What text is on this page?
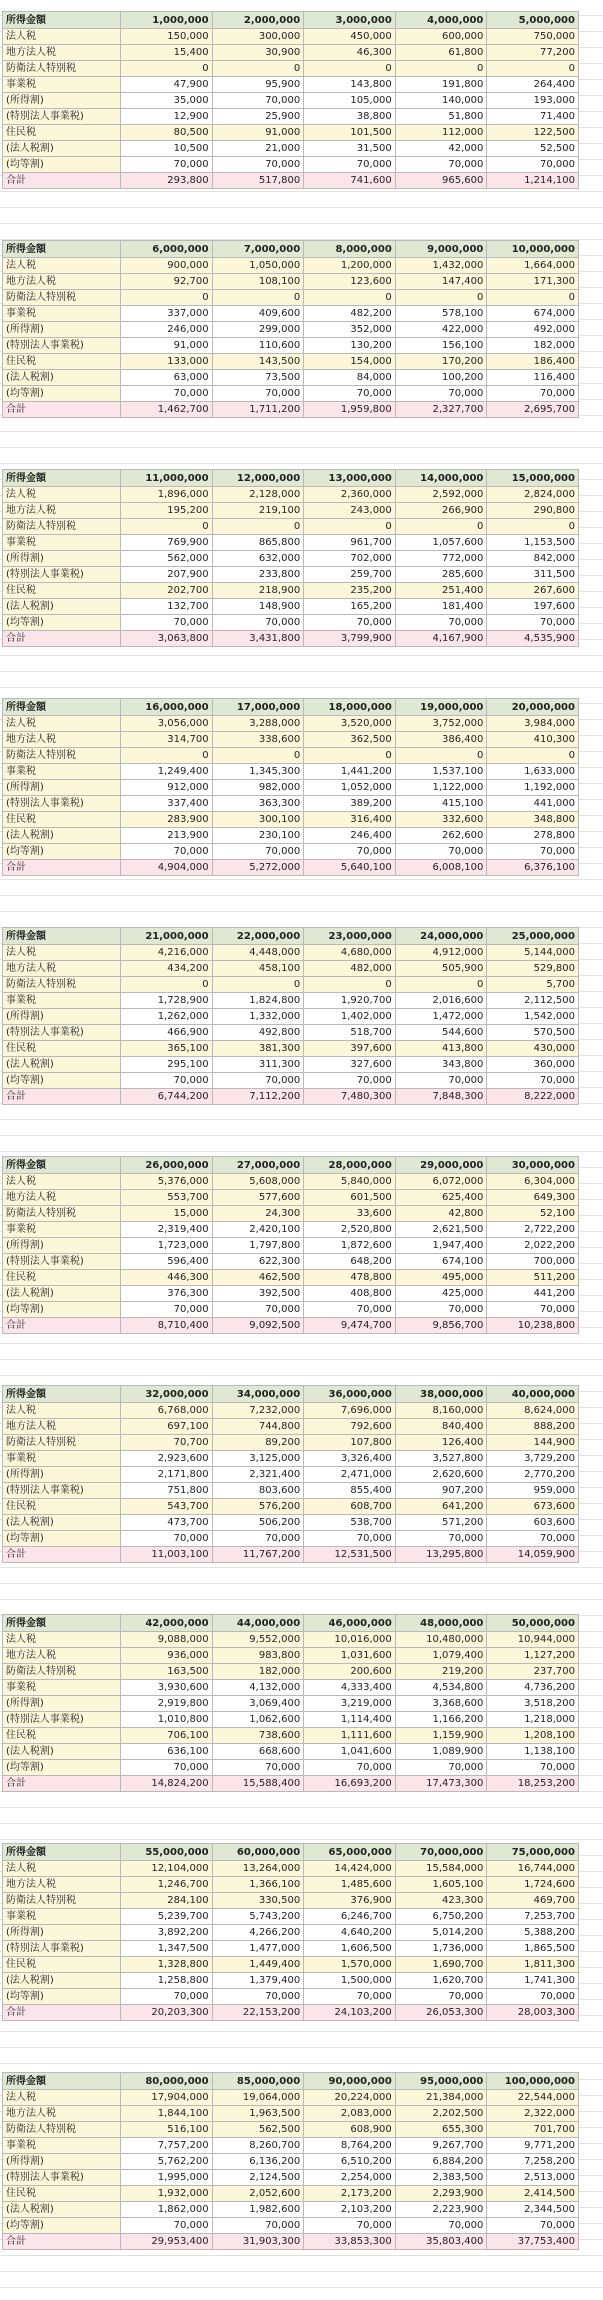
所得金額	1,000,000	2,000,000	3,000,000	4,000,000	5,000,000
法人税	150,000	300,000	450,000	600,000	750,000
地方法人税	15,400	30,900	46,300	61,800	77,200
防衛法人特別税	0	0	0	0	0
事業税	47,900	95,900	143,800	191,800	264,400
(所得割)	35,000	70,000	105,000	140,000	193,000
(特別法人事業税)	12,900	25,900	38,800	51,800	71,400
住民税	80,500	91,000	101,500	112,000	122,500
(法人税割)	10,500	21,000	31,500	42,000	52,500
(均等割)	70,000	70,000	70,000	70,000	70,000
合計	293,800	517,800	741,600	965,600	1,214,100
所得金額	6,000,000	7,000,000	8,000,000	9,000,000	10,000,000
法人税	900,000	1,050,000	1,200,000	1,432,000	1,664,000
地方法人税	92,700	108,100	123,600	147,400	171,300
防衛法人特別税	0	0	0	0	0
事業税	337,000	409,600	482,200	578,100	674,000
(所得割)	246,000	299,000	352,000	422,000	492,000
(特別法人事業税)	91,000	110,600	130,200	156,100	182,000
住民税	133,000	143,500	154,000	170,200	186,400
(法人税割)	63,000	73,500	84,000	100,200	116,400
(均等割)	70,000	70,000	70,000	70,000	70,000
合計	1,462,700	1,711,200	1,959,800	2,327,700	2,695,700
所得金額	11,000,000	12,000,000	13,000,000	14,000,000	15,000,000
法人税	1,896,000	2,128,000	2,360,000	2,592,000	2,824,000
地方法人税	195,200	219,100	243,000	266,900	290,800
防衛法人特別税	0	0	0	0	0
事業税	769,900	865,800	961,700	1,057,600	1,153,500
(所得割)	562,000	632,000	702,000	772,000	842,000
(特別法人事業税)	207,900	233,800	259,700	285,600	311,500
住民税	202,700	218,900	235,200	251,400	267,600
(法人税割)	132,700	148,900	165,200	181,400	197,600
(均等割)	70,000	70,000	70,000	70,000	70,000
合計	3,063,800	3,431,800	3,799,900	4,167,900	4,535,900
所得金額	16,000,000	17,000,000	18,000,000	19,000,000	20,000,000
法人税	3,056,000	3,288,000	3,520,000	3,752,000	3,984,000
地方法人税	314,700	338,600	362,500	386,400	410,300
防衛法人特別税	0	0	0	0	0
事業税	1,249,400	1,345,300	1,441,200	1,537,100	1,633,000
(所得割)	912,000	982,000	1,052,000	1,122,000	1,192,000
(特別法人事業税)	337,400	363,300	389,200	415,100	441,000
住民税	283,900	300,100	316,400	332,600	348,800
(法人税割)	213,900	230,100	246,400	262,600	278,800
(均等割)	70,000	70,000	70,000	70,000	70,000
合計	4,904,000	5,272,000	5,640,100	6,008,100	6,376,100
所得金額	21,000,000	22,000,000	23,000,000	24,000,000	25,000,000
法人税	4,216,000	4,448,000	4,680,000	4,912,000	5,144,000
地方法人税	434,200	458,100	482,000	505,900	529,800
防衛法人特別税	0	0	0	0	5,700
事業税	1,728,900	1,824,800	1,920,700	2,016,600	2,112,500
(所得割)	1,262,000	1,332,000	1,402,000	1,472,000	1,542,000
(特別法人事業税)	466,900	492,800	518,700	544,600	570,500
住民税	365,100	381,300	397,600	413,800	430,000
(法人税割)	295,100	311,300	327,600	343,800	360,000
(均等割)	70,000	70,000	70,000	70,000	70,000
合計	6,744,200	7,112,200	7,480,300	7,848,300	8,222,000
所得金額	26,000,000	27,000,000	28,000,000	29,000,000	30,000,000
法人税	5,376,000	5,608,000	5,840,000	6,072,000	6,304,000
地方法人税	553,700	577,600	601,500	625,400	649,300
防衛法人特別税	15,000	24,300	33,600	42,800	52,100
事業税	2,319,400	2,420,100	2,520,800	2,621,500	2,722,200
(所得割)	1,723,000	1,797,800	1,872,600	1,947,400	2,022,200
(特別法人事業税)	596,400	622,300	648,200	674,100	700,000
住民税	446,300	462,500	478,800	495,000	511,200
(法人税割)	376,300	392,500	408,800	425,000	441,200
(均等割)	70,000	70,000	70,000	70,000	70,000
合計	8,710,400	9,092,500	9,474,700	9,856,700	10,238,800
所得金額	32,000,000	34,000,000	36,000,000	38,000,000	40,000,000
法人税	6,768,000	7,232,000	7,696,000	8,160,000	8,624,000
地方法人税	697,100	744,800	792,600	840,400	888,200
防衛法人特別税	70,700	89,200	107,800	126,400	144,900
事業税	2,923,600	3,125,000	3,326,400	3,527,800	3,729,200
(所得割)	2,171,800	2,321,400	2,471,000	2,620,600	2,770,200
(特別法人事業税)	751,800	803,600	855,400	907,200	959,000
住民税	543,700	576,200	608,700	641,200	673,600
(法人税割)	473,700	506,200	538,700	571,200	603,600
(均等割)	70,000	70,000	70,000	70,000	70,000
合計	11,003,100	11,767,200	12,531,500	13,295,800	14,059,900
所得金額	42,000,000	44,000,000	46,000,000	48,000,000	50,000,000
法人税	9,088,000	9,552,000	10,016,000	10,480,000	10,944,000
地方法人税	936,000	983,800	1,031,600	1,079,400	1,127,200
防衛法人特別税	163,500	182,000	200,600	219,200	237,700
事業税	3,930,600	4,132,000	4,333,400	4,534,800	4,736,200
(所得割)	2,919,800	3,069,400	3,219,000	3,368,600	3,518,200
(特別法人事業税)	1,010,800	1,062,600	1,114,400	1,166,200	1,218,000
住民税	706,100	738,600	1,111,600	1,159,900	1,208,100
(法人税割)	636,100	668,600	1,041,600	1,089,900	1,138,100
(均等割)	70,000	70,000	70,000	70,000	70,000
合計	14,824,200	15,588,400	16,693,200	17,473,300	18,253,200
所得金額	55,000,000	60,000,000	65,000,000	70,000,000	75,000,000
法人税	12,104,000	13,264,000	14,424,000	15,584,000	16,744,000
地方法人税	1,246,700	1,366,100	1,485,600	1,605,100	1,724,600
防衛法人特別税	284,100	330,500	376,900	423,300	469,700
事業税	5,239,700	5,743,200	6,246,700	6,750,200	7,253,700
(所得割)	3,892,200	4,266,200	4,640,200	5,014,200	5,388,200
(特別法人事業税)	1,347,500	1,477,000	1,606,500	1,736,000	1,865,500
住民税	1,328,800	1,449,400	1,570,000	1,690,700	1,811,300
(法人税割)	1,258,800	1,379,400	1,500,000	1,620,700	1,741,300
(均等割)	70,000	70,000	70,000	70,000	70,000
合計	20,203,300	22,153,200	24,103,200	26,053,300	28,003,300
所得金額	80,000,000	85,000,000	90,000,000	95,000,000	100,000,000
法人税	17,904,000	19,064,000	20,224,000	21,384,000	22,544,000
地方法人税	1,844,100	1,963,500	2,083,000	2,202,500	2,322,000
防衛法人特別税	516,100	562,500	608,900	655,300	701,700
事業税	7,757,200	8,260,700	8,764,200	9,267,700	9,771,200
(所得割)	5,762,200	6,136,200	6,510,200	6,884,200	7,258,200
(特別法人事業税)	1,995,000	2,124,500	2,254,000	2,383,500	2,513,000
住民税	1,932,000	2,052,600	2,173,200	2,293,900	2,414,500
(法人税割)	1,862,000	1,982,600	2,103,200	2,223,900	2,344,500
(均等割)	70,000	70,000	70,000	70,000	70,000
合計	29,953,400	31,903,300	33,853,300	35,803,400	37,753,400
